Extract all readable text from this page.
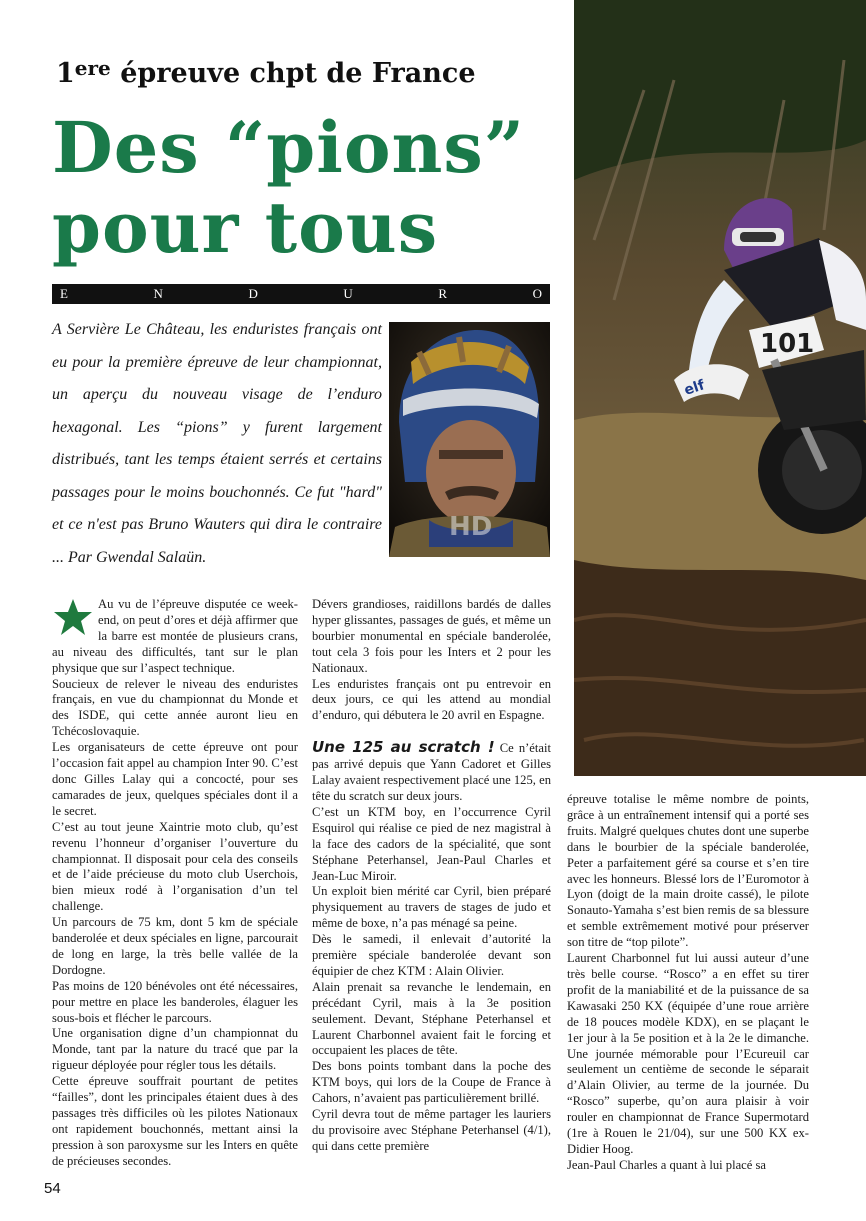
1ere épreuve chpt de France
Des “pions”
pour tous
E	N	D	U	R	O
A Servière Le Château, les enduristes français ont eu pour la première épreuve de leur championnat, un aperçu du nouveau visage de l’enduro hexagonal. Les “pions” y furent largement distribués, tant les temps étaient serrés et certains passages pour le moins bouchonnés. Ce fut "hard" et ce n'est pas Bruno Wauters qui dira le contraire ... Par Gwendal Salaün.
HD
101
elf

Au vu de l’épreuve disputée ce week-end, on peut d’ores et déjà affirmer que la barre est montée de plusieurs crans, au niveau des difficultés, tant sur le plan physique que sur l’aspect technique.

Soucieux de relever le niveau des enduristes français, en vue du championnat du Monde et des ISDE, qui cette année auront lieu en Tchécoslovaquie.

Les organisateurs de cette épreuve ont pour l’occasion fait appel au champion Inter 90. C’est donc Gilles Lalay qui a concocté, pour ses camarades de jeux, quelques spéciales dont il a le secret.

C’est au tout jeune Xaintrie moto club, qu’est revenu l’honneur d’organiser l’ouverture du championnat. Il disposait pour cela des conseils et de l’aide précieuse du moto club Userchois, bien mieux rodé à l’organisation d’un tel challenge.

Un parcours de 75 km, dont 5 km de spéciale banderolée et deux spéciales en ligne, parcourait de long en large, la très belle vallée de la Dordogne.

Pas moins de 120 bénévoles ont été nécessaires, pour mettre en place les banderoles, élaguer les sous-bois et flécher le parcours.

Une organisation digne d’un championnat du Monde, tant par la nature du tracé que par la rigueur déployée pour régler tous les détails.

Cette épreuve souffrait pourtant de petites “failles”, dont les principales étaient dues à des passages très difficiles où les pilotes Nationaux ont rapidement bouchonnés, mettant ainsi la pression à son paroxysme sur les Inters en quête de précieuses secondes.

Dévers grandioses, raidillons bardés de dalles hyper glissantes, passages de gués, et même un bourbier monumental en spéciale banderolée, tout cela 3 fois pour les Inters et 2 pour les Nationaux.

Les enduristes français ont pu entrevoir en deux jours, ce qui les attend au mondial d’enduro, qui débutera le 20 avril en Espagne.

Une 125 au scratch ! Ce n’était pas arrivé depuis que Yann Cadoret et Gilles Lalay avaient respectivement placé une 125, en tête du scratch sur deux jours.

C’est un KTM boy, en l’occurrence Cyril Esquirol qui réalise ce pied de nez magistral à la face des cadors de la spécialité, que sont Stéphane Peterhansel, Jean-Paul Charles et Jean-Luc Miroir.

Un exploit bien mérité car Cyril, bien préparé physiquement au travers de stages de judo et même de boxe, n’a pas ménagé sa peine.

Dès le samedi, il enlevait d’autorité la première spéciale banderolée devant son équipier de chez KTM : Alain Olivier.

Alain prenait sa revanche le lendemain, en précédant Cyril, mais à la 3e position seulement. Devant, Stéphane Peterhansel et Laurent Charbonnel avaient fait le forcing et occupaient les places de tête.

Des bons points tombant dans la poche des KTM boys, qui lors de la Coupe de France à Cahors, n’avaient pas particulièrement brillé.

Cyril devra tout de même partager les lauriers du provisoire avec Stéphane Peterhansel (4/1), qui dans cette première

épreuve totalise le même nombre de points, grâce à un entraînement intensif qui a porté ses fruits. Malgré quelques chutes dont une superbe dans le bourbier de la spéciale banderolée, Peter a parfaitement géré sa course et s’en tire avec les honneurs. Blessé lors de l’Euromotor à Lyon (doigt de la main droite cassé), le pilote Sonauto-Yamaha s’est bien remis de sa blessure et semble extrêmement motivé pour préserver son titre de “top pilote”.

Laurent Charbonnel fut lui aussi auteur d’une très belle course. “Rosco” a en effet su tirer profit de la maniabilité et de la puissance de sa Kawasaki 250 KX (équipée d’une roue arrière de 18 pouces modèle KDX), en se plaçant le 1er jour à la 5e position et à la 2e le dimanche. Une journée mémorable pour l’Ecureuil car seulement un centième de seconde le séparait d’Alain Olivier, au terme de la journée. Du “Rosco” superbe, qu’on aura plaisir à voir rouler en championnat de France Supermotard (1re à Rouen le 21/04), sur une 500 KX ex-Didier Hoog.

Jean-Paul Charles a quant à lui placé sa

54
